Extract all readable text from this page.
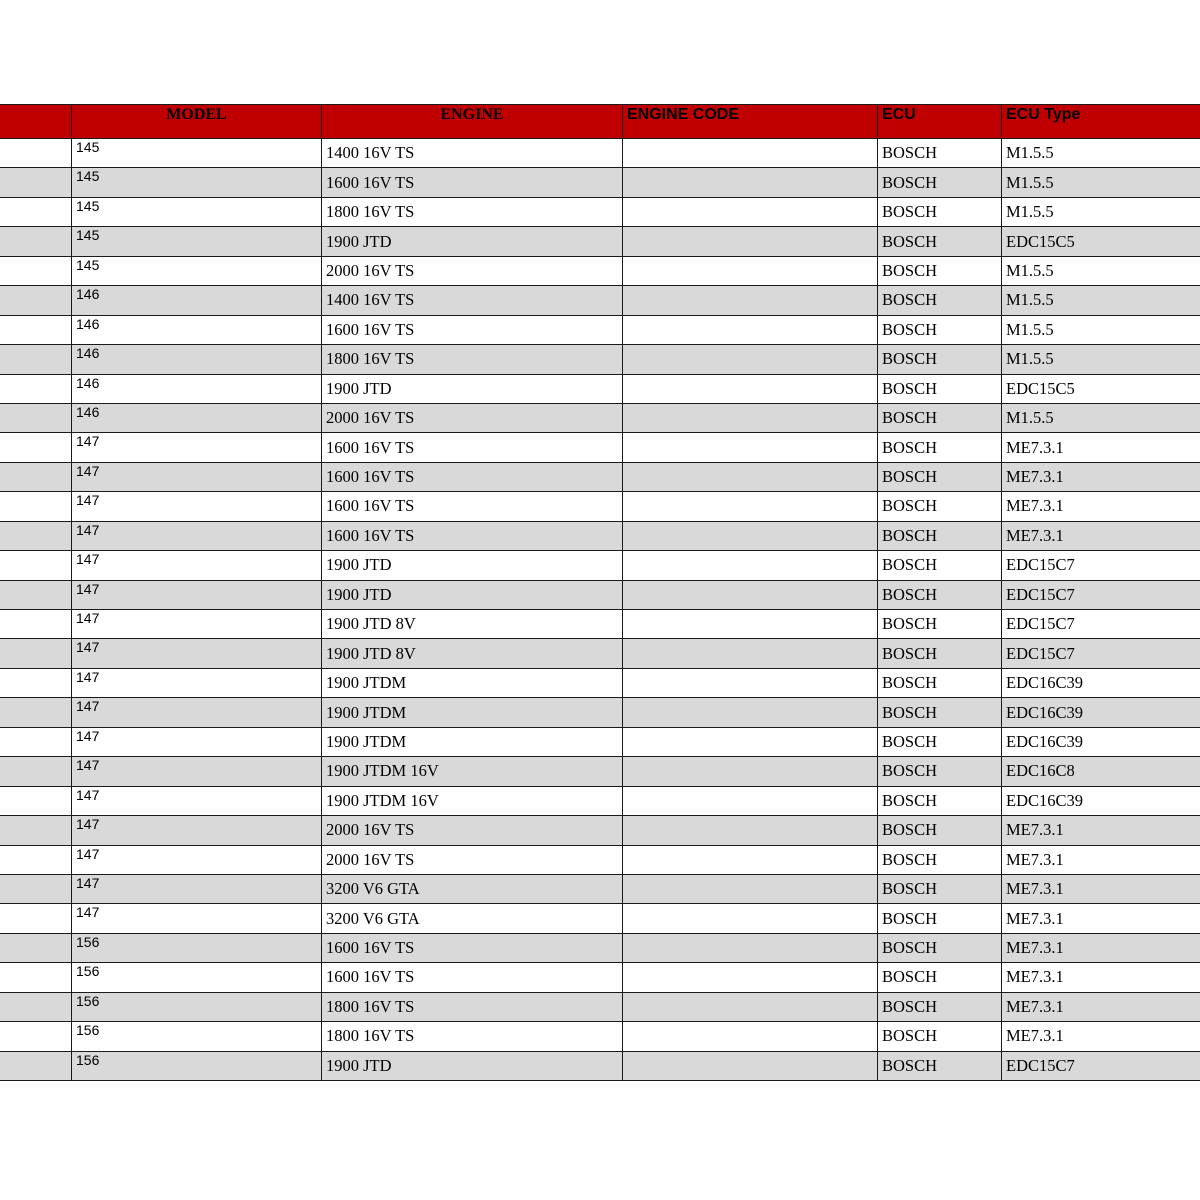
	MODEL	ENGINE	ENGINE CODE	ECU	ECU Type
	145	1400 16V TS		BOSCH	M1.5.5
	145	1600 16V TS		BOSCH	M1.5.5
	145	1800 16V TS		BOSCH	M1.5.5
	145	1900 JTD		BOSCH	EDC15C5
	145	2000 16V TS		BOSCH	M1.5.5
	146	1400 16V TS		BOSCH	M1.5.5
	146	1600 16V TS		BOSCH	M1.5.5
	146	1800 16V TS		BOSCH	M1.5.5
	146	1900 JTD		BOSCH	EDC15C5
	146	2000 16V TS		BOSCH	M1.5.5
	147	1600 16V TS		BOSCH	ME7.3.1
	147	1600 16V TS		BOSCH	ME7.3.1
	147	1600 16V TS		BOSCH	ME7.3.1
	147	1600 16V TS		BOSCH	ME7.3.1
	147	1900 JTD		BOSCH	EDC15C7
	147	1900 JTD		BOSCH	EDC15C7
	147	1900 JTD 8V		BOSCH	EDC15C7
	147	1900 JTD 8V		BOSCH	EDC15C7
	147	1900 JTDM		BOSCH	EDC16C39
	147	1900 JTDM		BOSCH	EDC16C39
	147	1900 JTDM		BOSCH	EDC16C39
	147	1900 JTDM 16V		BOSCH	EDC16C8
	147	1900 JTDM 16V		BOSCH	EDC16C39
	147	2000 16V TS		BOSCH	ME7.3.1
	147	2000 16V TS		BOSCH	ME7.3.1
	147	3200 V6 GTA		BOSCH	ME7.3.1
	147	3200 V6 GTA		BOSCH	ME7.3.1
	156	1600 16V TS		BOSCH	ME7.3.1
	156	1600 16V TS		BOSCH	ME7.3.1
	156	1800 16V TS		BOSCH	ME7.3.1
	156	1800 16V TS		BOSCH	ME7.3.1
	156	1900 JTD		BOSCH	EDC15C7
